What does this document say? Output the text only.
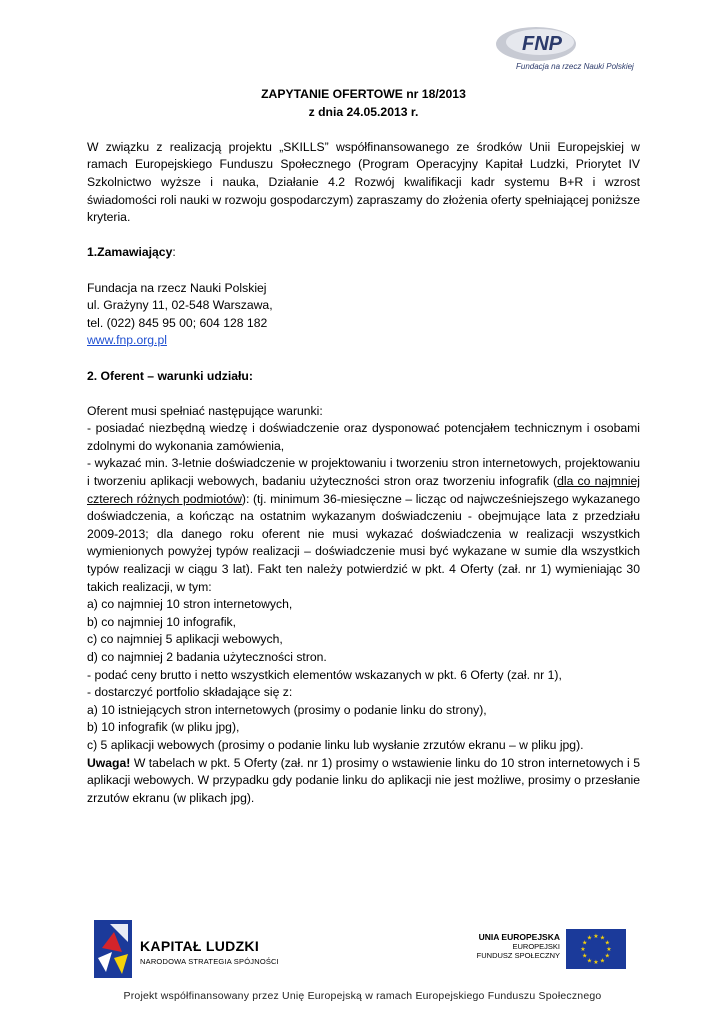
FNP
Fundacja na rzecz Nauki Polskiej

ZAPYTANIE OFERTOWE nr 18/2013

z dnia 24.05.2013 r.

W związku z realizacją projektu „SKILLS” współfinansowanego ze środków Unii Europejskiej w ramach Europejskiego Funduszu Społecznego (Program Operacyjny Kapitał Ludzki, Priorytet IV Szkolnictwo wyższe i nauka, Działanie 4.2 Rozwój kwalifikacji kadr systemu B+R i wzrost świadomości roli nauki w rozwoju gospodarczym) zapraszamy do złożenia oferty spełniającej poniższe kryteria.

1.Zamawiający:

Fundacja na rzecz Nauki Polskiej

ul. Grażyny 11, 02-548 Warszawa,

tel. (022) 845 95 00; 604 128 182

www.fnp.org.pl

2. Oferent – warunki udziału:

Oferent musi spełniać następujące warunki:

- posiadać niezbędną wiedzę i doświadczenie oraz dysponować potencjałem technicznym i osobami zdolnymi do wykonania zamówienia,

- wykazać min. 3-letnie doświadczenie w projektowaniu i tworzeniu stron internetowych, projektowaniu i tworzeniu aplikacji webowych, badaniu użyteczności stron oraz tworzeniu infografik (dla co najmniej czterech różnych podmiotów): (tj. minimum 36-miesięczne – licząc od najwcześniejszego wykazanego doświadczenia, a kończąc na ostatnim wykazanym doświadczeniu - obejmujące lata z przedziału 2009-2013; dla danego roku oferent nie musi wykazać doświadczenia w realizacji wszystkich wymienionych powyżej typów realizacji – doświadczenie musi być wykazane w sumie dla wszystkich typów realizacji w ciągu 3 lat). Fakt ten należy potwierdzić w pkt. 4 Oferty (zał. nr 1) wymieniając 30 takich realizacji, w tym:

a) co najmniej 10 stron internetowych,

b) co najmniej 10 infografik,

c) co najmniej 5 aplikacji webowych,

d) co najmniej 2 badania użyteczności stron.

- podać ceny brutto i netto wszystkich elementów wskazanych w pkt. 6 Oferty (zał. nr 1),

- dostarczyć portfolio składające się z:

a) 10 istniejących stron internetowych (prosimy o podanie linku do strony),

b) 10 infografik (w pliku jpg),

c) 5 aplikacji webowych (prosimy o podanie linku lub wysłanie zrzutów ekranu – w pliku jpg).

Uwaga! W tabelach w pkt. 5 Oferty (zał. nr 1) prosimy o wstawienie linku do 10 stron internetowych i 5 aplikacji webowych. W przypadku gdy podanie linku do aplikacji nie jest możliwe, prosimy o przesłanie zrzutów ekranu (w plikach jpg).

KAPITAŁ LUDZKI
NARODOWA STRATEGIA SPÓJNOŚCI
UNIA EUROPEJSKA
EUROPEJSKI
FUNDUSZ SPOŁECZNY
★
★
★
★
★
★
★
★
★ ★ ★
★
Projekt współfinansowany przez Unię Europejską w ramach Europejskiego Funduszu Społecznego
